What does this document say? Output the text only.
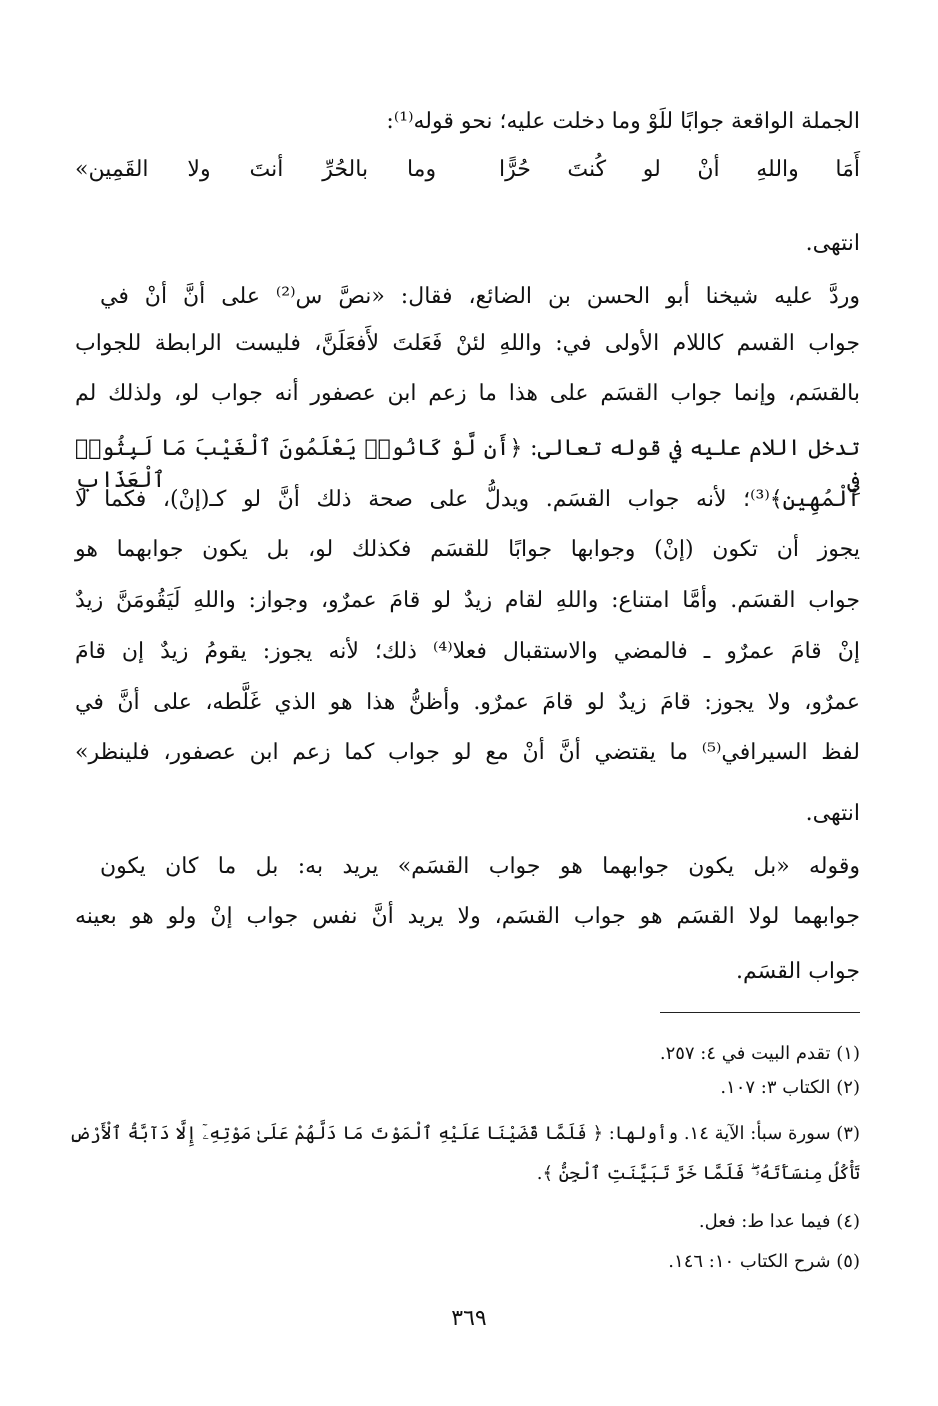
الجملة الواقعة جوابًا للَوْ وما دخلت عليه؛ نحو قوله⁽¹⁾:
أَمَا
واللهِ
أنْ
لو
كُنتَ
حُرًّا
وما
بالحُرِّ
أنتَ
ولا
القَمِين»
انتهى.
وردَّ عليه شيخنا أبو الحسن بن الضائع، فقال: «نصَّ س⁽²⁾ على أنَّ أنْ في
جواب القسم كاللام الأولى في: واللهِ لئنْ فَعَلتَ لأَفعَلَنَّ، فليست الرابطة للجواب
بالقسَم، وإنما جواب القسَم على هذا ما زعم ابن عصفور أنه جواب لو، ولذلك لم
تدخل اللام عليه في قوله تعالى: ﴿أَن لَّوْ كَانُوا۟ يَعْلَمُونَ ٱلْغَيْبَ مَا لَبِثُوا۟ فِى ٱلْعَذَابِ
ٱلْمُهِينِ﴾⁽³⁾؛ لأنه جواب القسَم. ويدلُّ على صحة ذلك أنَّ لو كـ(إنْ)، فكما لا
يجوز أن تكون (إنْ) وجوابها جوابًا للقسَم فكذلك لو، بل يكون جوابهما هو
جواب القسَم. وأمَّا امتناع: واللهِ لقام زيدٌ لو قامَ عمرٌو، وجواز: واللهِ لَيَقُومَنَّ زيدٌ
إنْ قامَ عمرٌو ـ فالمضي والاستقبال فعلا⁽⁴⁾ ذلك؛ لأنه يجوز: يقومُ زيدٌ إن قامَ
عمرٌو، ولا يجوز: قامَ زيدٌ لو قامَ عمرٌو. وأظنُّ هذا هو الذي غَلَّطه، على أنَّ في
لفظ السيرافي⁽⁵⁾ ما يقتضي أنَّ أنْ مع لو جواب كما زعم ابن عصفور، فلينظر»
انتهى.
وقوله «بل يكون جوابهما هو جواب القسَم» يريد به: بل ما كان يكون
جوابهما لولا القسَم هو جواب القسَم، ولا يريد أنَّ نفس جواب إنْ ولو هو بعينه
جواب القسَم.
(١) تقدم البيت في ٤: ٢٥٧.
(٢) الكتاب ٣: ١٠٧.
(٣) سورة سبأ: الآية ١٤. وأولها: ﴿ فَلَمَّا قَضَيْنَا عَلَيْهِ ٱلْمَوْتَ مَا دَلَّهُمْ عَلَىٰ مَوْتِهِۦٓ إِلَّا دَآبَّةُ ٱلْأَرْضِ
تَأْكُلُ مِنسَأَتَهُۥ ۖ فَلَمَّا خَرَّ تَبَيَّنَتِ ٱلْجِنُّ ﴾.
(٤) فيما عدا ط: فعل.
(٥) شرح الكتاب ١٠: ١٤٦.
٣٦٩
